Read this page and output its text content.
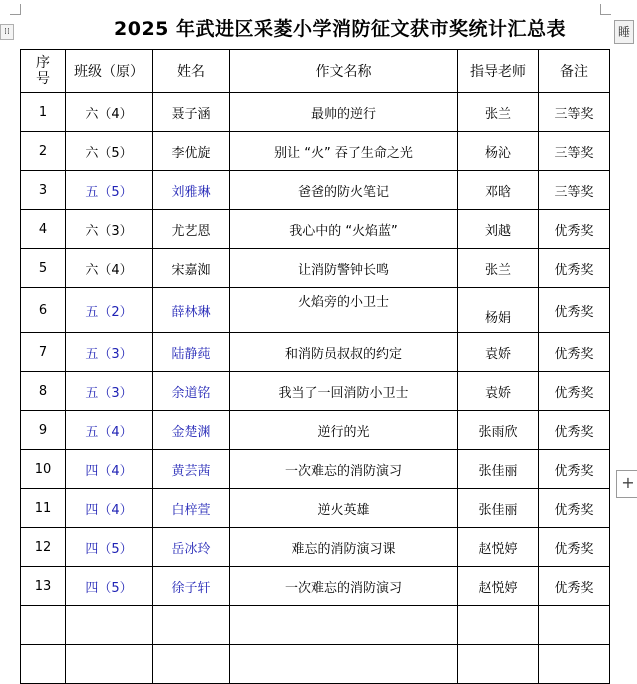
⁞⁞	睡
2025 年武进区采菱小学消防征文获市奖统计汇总表
序
号	班级（原）	姓名	作文名称	指导老师	备注
1	六（4）	聂子涵	最帅的逆行	张兰	三等奖
2	六（5）	李优旋	别让 “火” 吞了生命之光	杨沁	三等奖
3	五（5）	刘雅琳	爸爸的防火笔记	邓晗	三等奖
4	六（3）	尤艺恩	我心中的 “火焰蓝”	刘越	优秀奖
5	六（4）	宋嘉洳	让消防警钟长鸣	张兰	优秀奖
6	五（2）	薛林琳	火焰旁的小卫士	杨娟	优秀奖
7	五（3）	陆静莼	和消防员叔叔的约定	袁娇	优秀奖
8	五（3）	余道铭	我当了一回消防小卫士	袁娇	优秀奖
9	五（4）	金楚渊	逆行的光	张雨欣	优秀奖
10	四（4）	黄芸茜	一次难忘的消防演习	张佳丽	优秀奖
11	四（4）	白梓萱	逆火英雄	张佳丽	优秀奖
12	四（5）	岳冰玲	难忘的消防演习课	赵悦婷	优秀奖
13	四（5）	徐子轩	一次难忘的消防演习	赵悦婷	优秀奖

+
